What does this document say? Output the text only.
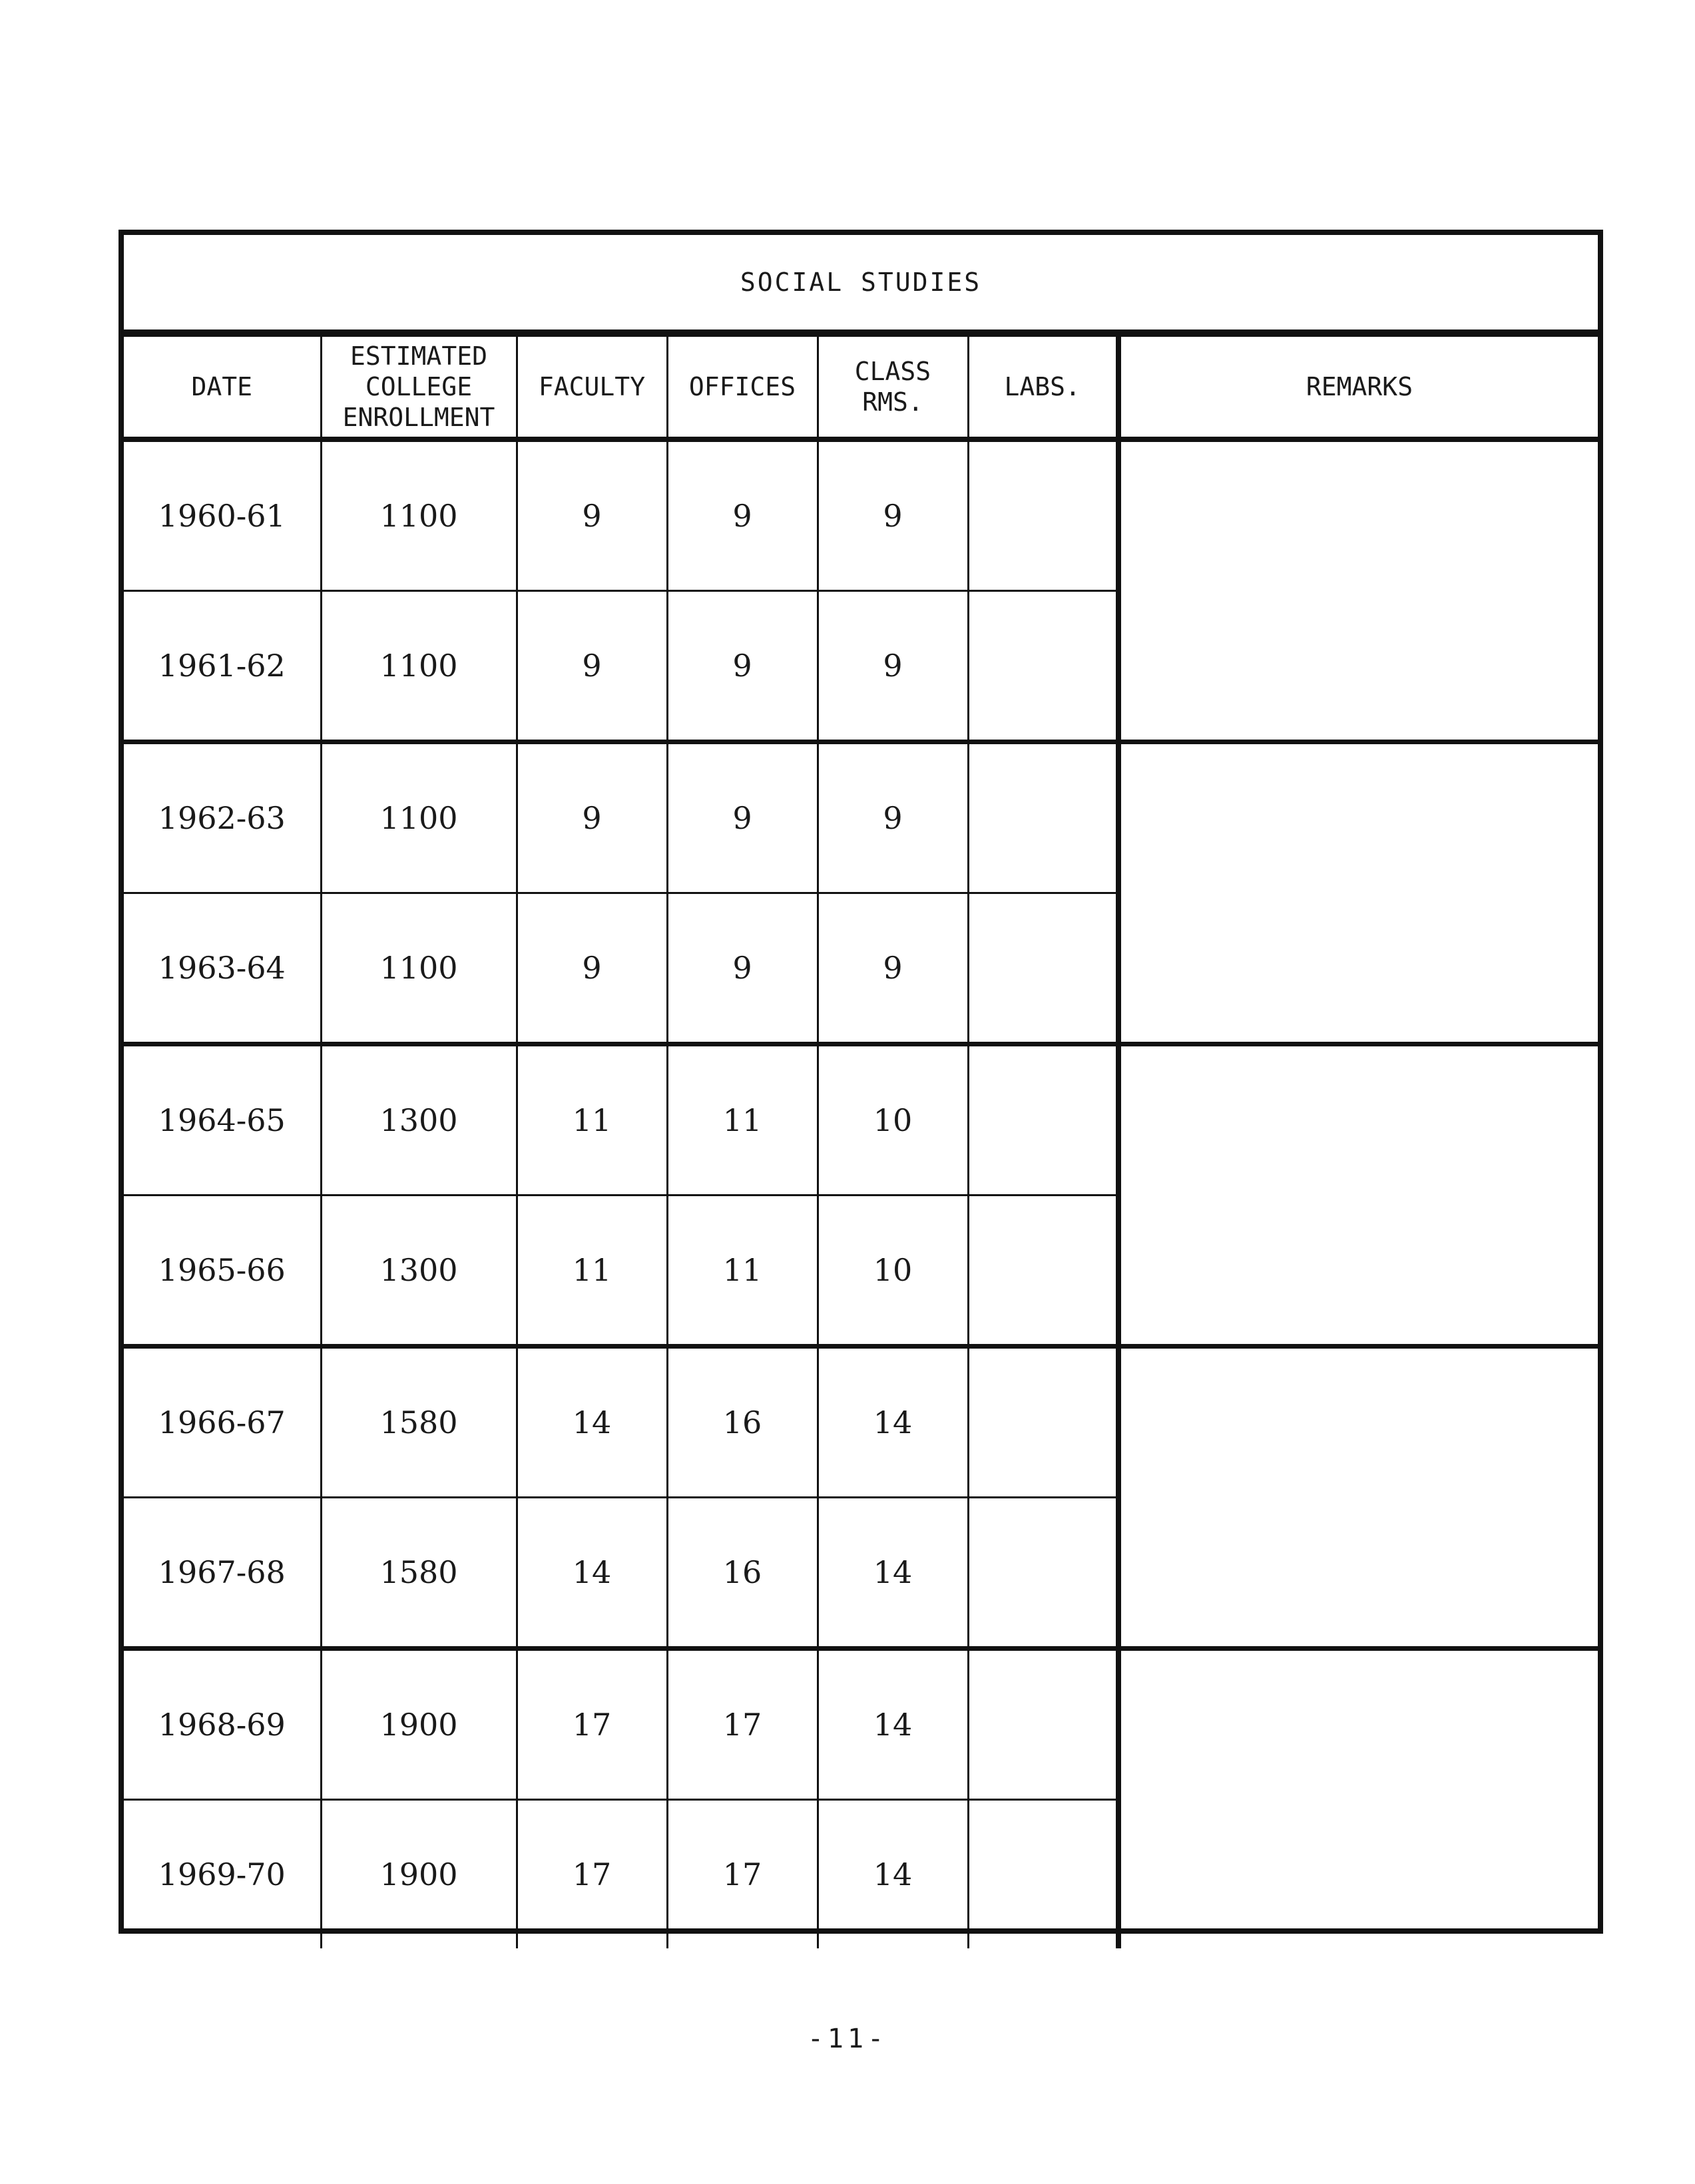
SOCIAL STUDIES
DATE	ESTIMATED COLLEGE ENROLLMENT	FACULTY	OFFICES	CLASS RMS.	LABS.	REMARKS
1960-61	1100	9	9	9		
1961-62	1100	9	9	9		
1962-63	1100	9	9	9		
1963-64	1100	9	9	9		
1964-65	1300	11	11	10		
1965-66	1300	11	11	10		
1966-67	1580	14	16	14		
1967-68	1580	14	16	14		
1968-69	1900	17	17	14		
1969-70	1900	17	17	14		
-11-
